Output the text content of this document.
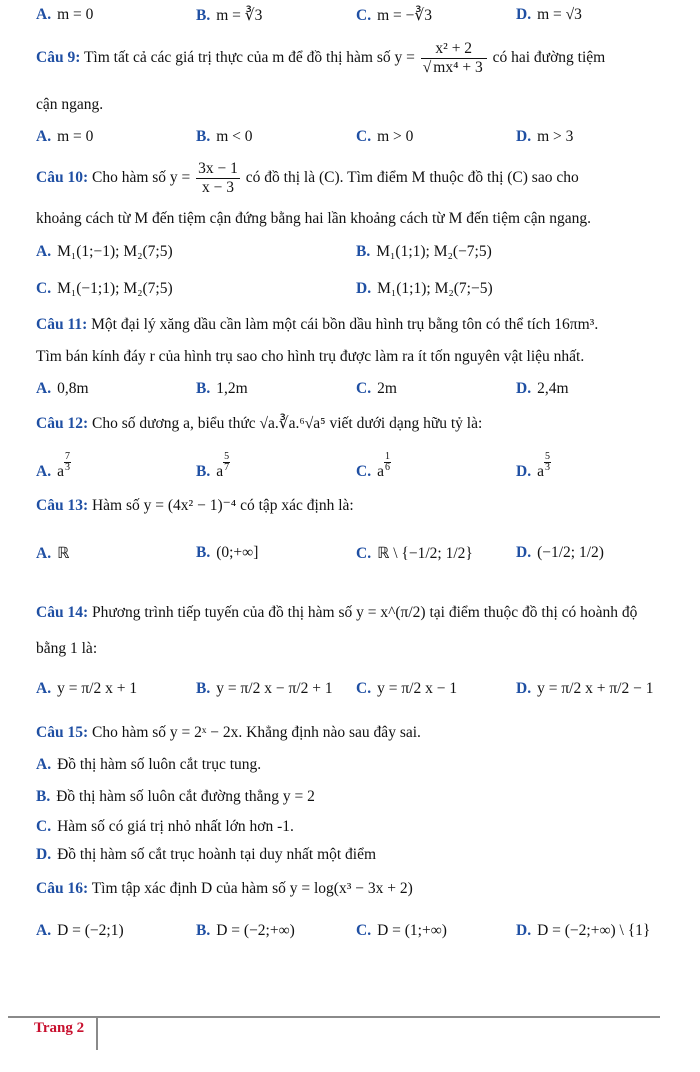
A. m = 0	B. m = ∛3	C. m = −∛3	D. m = √3
Câu 9: Tìm tất cả các giá trị thực của m để đồ thị hàm số $y = \frac{\text{x² + 2}}{\text{√ mx⁴ + 3}}$ có hai đường tiệm
cận ngang.
A. m = 0	B. m < 0	C. m > 0	D. m > 3
Câu 10: Cho hàm số $y = \frac{3x - 1}{x - 3}$ có đồ thị là (C). Tìm điểm M thuộc đồ thị (C) sao cho
khoảng cách từ M đến tiệm cận đứng bằng hai lần khoảng cách từ M đến tiệm cận ngang.
A. M₁(1;−1); M₂(7;5)	B. M₁(1;1); M₂(−7;5)
C. M₁(−1;1); M₂(7;5)	D. M₁(1;1); M₂(7;−5)
Câu 11: Một đại lý xăng dầu cần làm một cái bồn dầu hình trụ bằng tôn có thể tích 16πm³.
Tìm bán kính đáy r của hình trụ sao cho hình trụ được làm ra ít tốn nguyên vật liệu nhất.
A. 0,8m	B. 1,2m	C. 2m	D. 2,4m
Câu 12: Cho số dương a, biểu thức √a.∛a.⁶√a⁵ viết dưới dạng hữu tỷ là:
A. a $\frac{7}{3}$	B. a $\frac{5}{7}$	C. a $\frac{1}{6}$	D. a $\frac{5}{3}$
Câu 13: Hàm số y = (4x² − 1)⁻⁴ có tập xác định là:
A. ℝ	B. (0;+∞]	C. ℝ \ {−1/2; 1/2}	D. (−1/2; 1/2)
Câu 14: Phương trình tiếp tuyến của đồ thị hàm số y = x^(π/2) tại điểm thuộc đồ thị có hoành độ
bằng 1 là:
A. y = π/2 x + 1	B. y = π/2 x − π/2 + 1 C. y = π/2 x − 1	D. y = π/2 x + π/2 − 1
Câu 15: Cho hàm số y = 2ˣ − 2x. Khẳng định nào sau đây sai.
A. Đồ thị hàm số luôn cắt trục tung.
B. Đồ thị hàm số luôn cắt đường thẳng y = 2
C. Hàm số có giá trị nhỏ nhất lớn hơn -1.
D. Đồ thị hàm số cắt trục hoành tại duy nhất một điểm
Câu 16: Tìm tập xác định D của hàm số y = log(x³ − 3x + 2)
A. D = (−2;1)	B. D = (−2;+∞)	C. D = (1;+∞)	D. D = (−2;+∞) \ {1}
Trang 2
